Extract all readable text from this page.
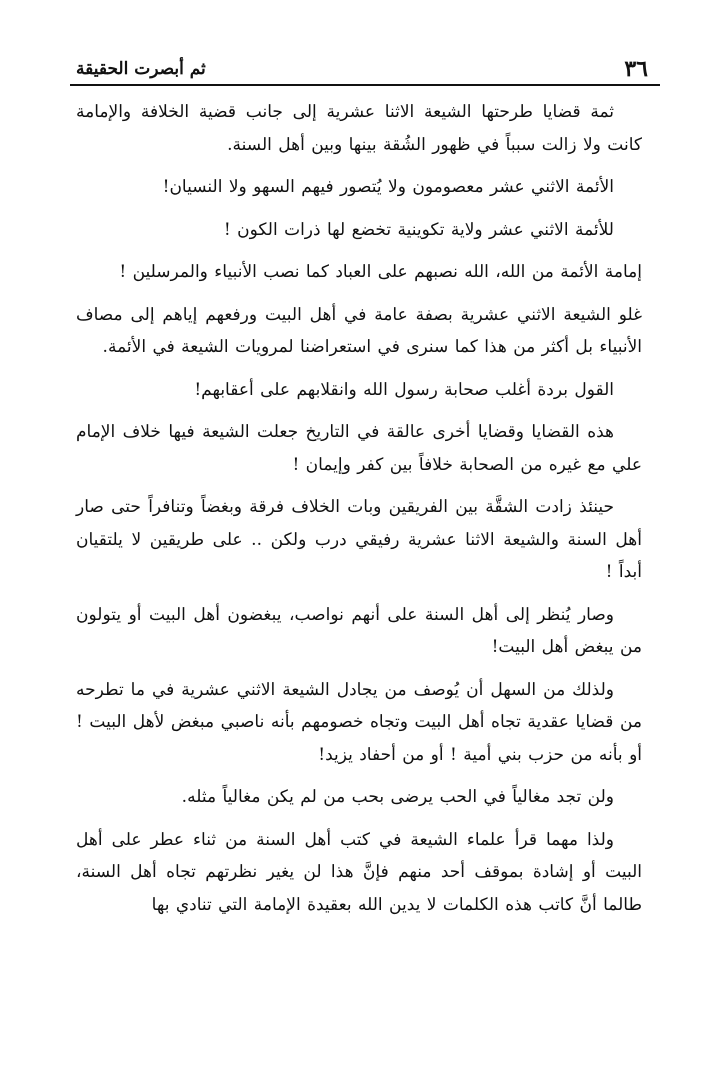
٣٦
ثم أبصرت الحقيقة

ثمة قضايا طرحتها الشيعة الاثنا عشرية إلى جانب قضية الخلافة والإمامة كانت ولا زالت سبباً في ظهور الشُقة بينها وبين أهل السنة.

الأئمة الاثني عشر معصومون ولا يُتصور فيهم السهو ولا النسيان!

للأئمة الاثني عشر ولاية تكوينية تخضع لها ذرات الكون !

إمامة الأئمة من الله، الله نصبهم على العباد كما نصب الأنبياء والمرسلين !

غلو الشيعة الاثني عشرية بصفة عامة في أهل البيت ورفعهم إياهم إلى مصاف الأنبياء بل أكثر من هذا كما سنرى في استعراضنا لمرويات الشيعة في الأئمة.

القول بردة أغلب صحابة رسول الله وانقلابهم على أعقابهم!

هذه القضايا وقضايا أخرى عالقة في التاريخ جعلت الشيعة فيها خلاف الإمام علي مع غيره من الصحابة خلافاً بين كفر وإيمان !

حينئذ زادت الشقَّة بين الفريقين وبات الخلاف فرقة وبغضاً وتنافراً حتى صار أهل السنة والشيعة الاثنا عشرية رفيقي درب ولكن .. على طريقين لا يلتقيان أبداً !

وصار يُنظر إلى أهل السنة على أنهم نواصب، يبغضون أهل البيت أو يتولون من يبغض أهل البيت!

ولذلك من السهل أن يُوصف من يجادل الشيعة الاثني عشرية في ما تطرحه من قضايا عقدية تجاه أهل البيت وتجاه خصومهم بأنه ناصبي مبغض لأهل البيت ! أو بأنه من حزب بني أمية ! أو من أحفاد يزيد!

ولن تجد مغالياً في الحب يرضى بحب من لم يكن مغالياً مثله.

ولذا مهما قرأ علماء الشيعة في كتب أهل السنة من ثناء عطر على أهل البيت أو إشادة بموقف أحد منهم فإنَّ هذا لن يغير نظرتهم تجاه أهل السنة، طالما أنَّ كاتب هذه الكلمات لا يدين الله بعقيدة الإمامة التي تنادي بها
